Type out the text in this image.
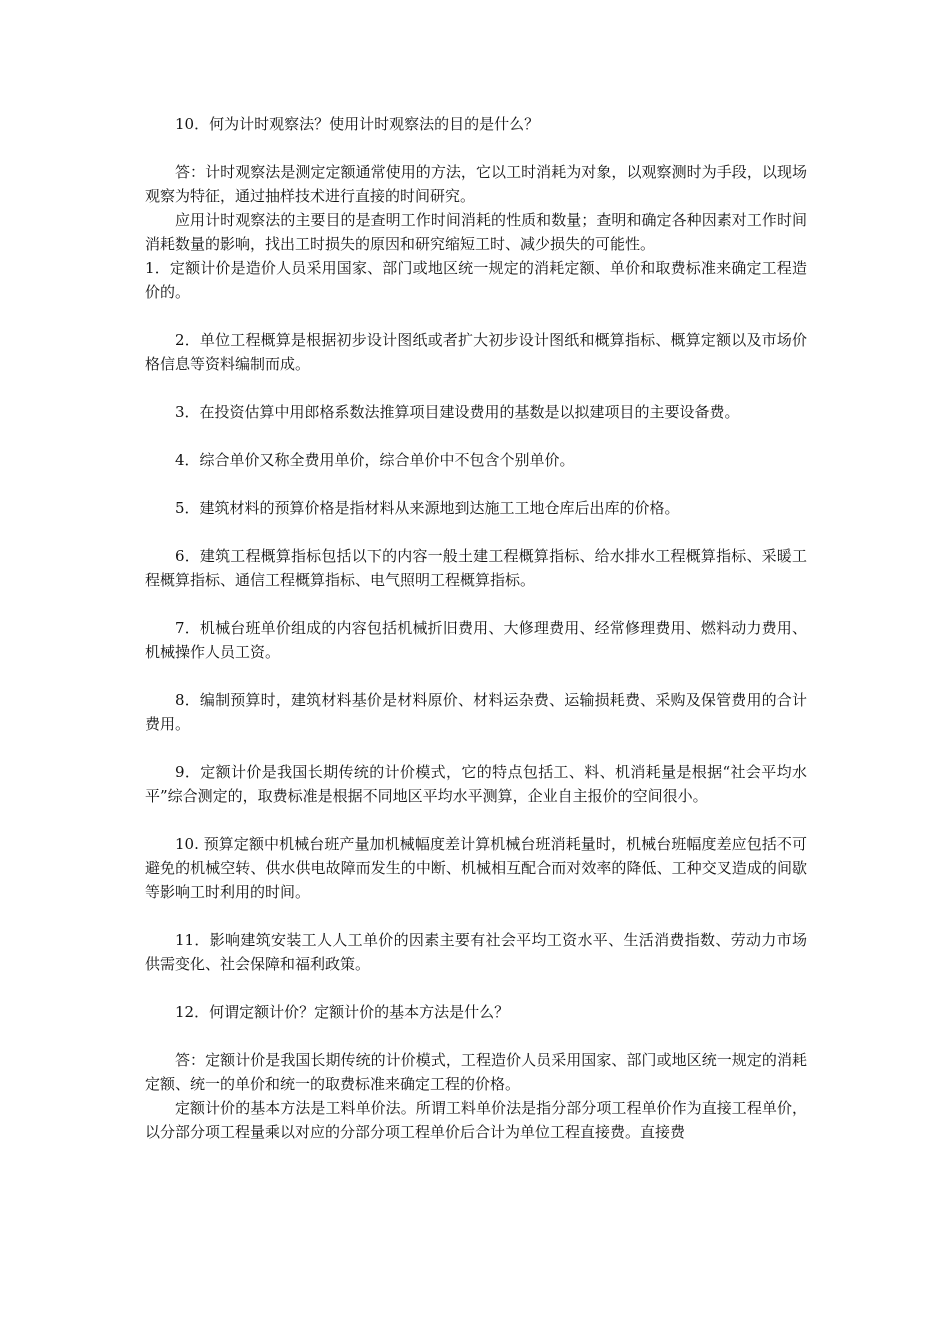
10．何为计时观察法？使用计时观察法的目的是什么？

答：计时观察法是测定定额通常使用的方法，它以工时消耗为对象，以观察测时为手段，以现场观察为特征，通过抽样技术进行直接的时间研究。

应用计时观察法的主要目的是查明工作时间消耗的性质和数量；查明和确定各种因素对工作时间消耗数量的影响，找出工时损失的原因和研究缩短工时、减少损失的可能性。

1．定额计价是造价人员采用国家、部门或地区统一规定的消耗定额、单价和取费标准来确定工程造价的。

2．单位工程概算是根据初步设计图纸或者扩大初步设计图纸和概算指标、概算定额以及市场价格信息等资料编制而成。

3．在投资估算中用郎格系数法推算项目建设费用的基数是以拟建项目的主要设备费。

4．综合单价又称全费用单价，综合单价中不包含个别单价。

5．建筑材料的预算价格是指材料从来源地到达施工工地仓库后出库的价格。

6．建筑工程概算指标包括以下的内容一般土建工程概算指标、给水排水工程概算指标、采暖工程概算指标、通信工程概算指标、电气照明工程概算指标。

7．机械台班单价组成的内容包括机械折旧费用、大修理费用、经常修理费用、燃料动力费用、机械操作人员工资。

8．编制预算时，建筑材料基价是材料原价、材料运杂费、运输损耗费、采购及保管费用的合计费用。

9．定额计价是我国长期传统的计价模式，它的特点包括工、料、机消耗量是根据“社会平均水平”综合测定的，取费标准是根据不同地区平均水平测算，企业自主报价的空间很小。

10. 预算定额中机械台班产量加机械幅度差计算机械台班消耗量时，机械台班幅度差应包括不可避免的机械空转、供水供电故障而发生的中断、机械相互配合而对效率的降低、工种交叉造成的间歇等影响工时利用的时间。

11．影响建筑安装工人人工单价的因素主要有社会平均工资水平、生活消费指数、劳动力市场供需变化、社会保障和福利政策。

12．何谓定额计价？定额计价的基本方法是什么？

答：定额计价是我国长期传统的计价模式，工程造价人员采用国家、部门或地区统一规定的消耗定额、统一的单价和统一的取费标准来确定工程的价格。

定额计价的基本方法是工料单价法。所谓工料单价法是指分部分项工程单价作为直接工程单价，以分部分项工程量乘以对应的分部分项工程单价后合计为单位工程直接费。直接费
